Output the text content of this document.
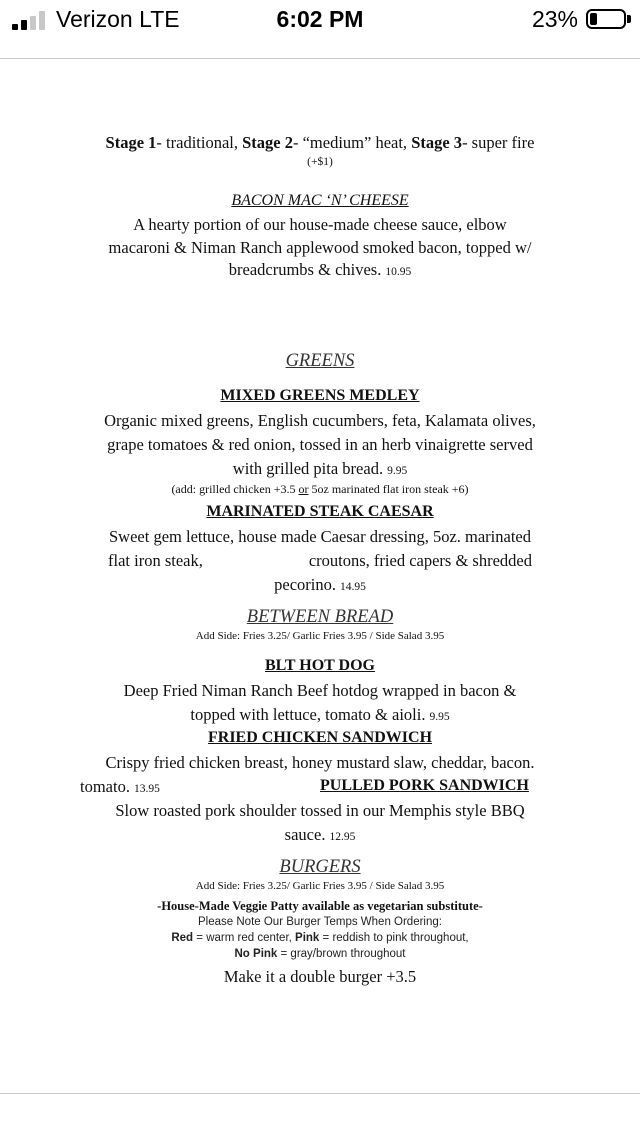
Verizon LTE	6:02 PM	23%
Stage 1- traditional, Stage 2- “medium” heat, Stage 3- super fire
(+$1)
BACON MAC ‘N’ CHEESE
A hearty portion of our house-made cheese sauce, elbow
macaroni & Niman Ranch applewood smoked bacon, topped w/
breadcrumbs & chives. 10.95
GREENS
MIXED GREENS MEDLEY
Organic mixed greens, English cucumbers, feta, Kalamata olives,
grape tomatoes & red onion, tossed in an herb vinaigrette served
with grilled pita bread. 9.95
(add: grilled chicken +3.5 or 5oz marinated flat iron steak +6)
MARINATED STEAK CAESAR
Sweet gem lettuce, house made Caesar dressing, 5oz. marinated
flat iron steak,	croutons, fried capers & shredded
pecorino. 14.95
BETWEEN BREAD
Add Side: Fries 3.25/ Garlic Fries 3.95 / Side Salad 3.95
BLT HOT DOG
Deep Fried Niman Ranch Beef hotdog wrapped in bacon &
topped with lettuce, tomato & aioli. 9.95
FRIED CHICKEN SANDWICH
Crispy fried chicken breast, honey mustard slaw, cheddar, bacon.
tomato. 13.95	PULLED PORK SANDWICH
Slow roasted pork shoulder tossed in our Memphis style BBQ
sauce. 12.95
BURGERS
Add Side: Fries 3.25/ Garlic Fries 3.95 / Side Salad 3.95
-House-Made Veggie Patty available as vegetarian substitute-
Please Note Our Burger Temps When Ordering:
Red = warm red center, Pink = reddish to pink throughout,
No Pink = gray/brown throughout
Make it a double burger +3.5
